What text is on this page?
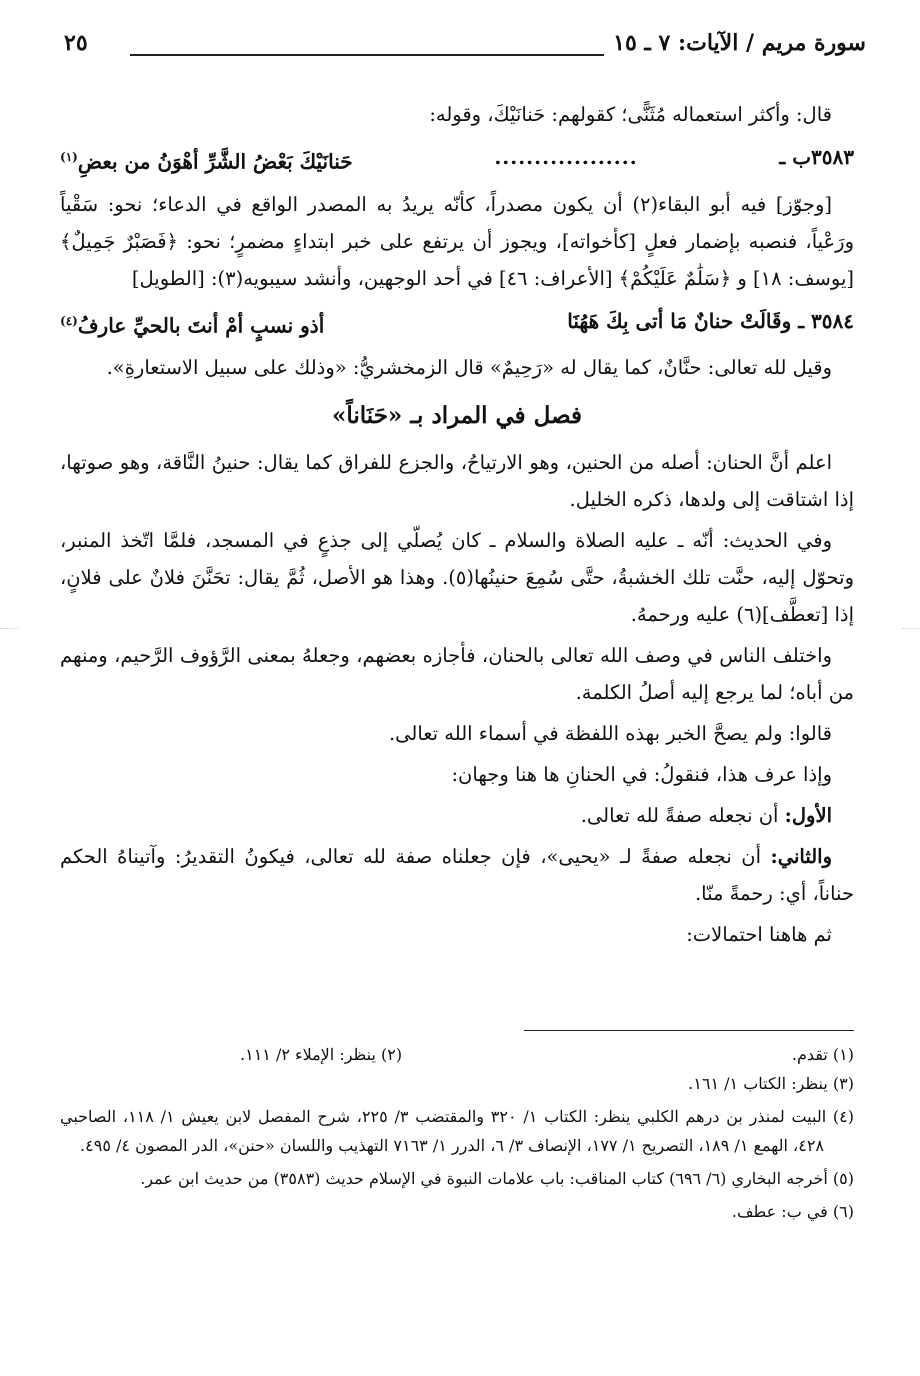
سورة مريم / الآيات: ٧ ـ ١٥
٢٥

قال: وأكثر استعماله مُثَنًّى؛ كقولهم: حَنانَيْكَ، وقوله:

٣٥٨٣ب ـ
..................
حَنانَيْكَ بَعْضُ الشَّرِّ أهْوَنُ من بعضِ$^{(١)}$

[وجوّز] فيه أبو البقاء(٢) أن يكون مصدراً، كأنّه يريدُ به المصدر الواقع في الدعاء؛ نحو: سَقْياً ورَعْياً، فنصبه بإضمار فعلٍ [كأخواته]، ويجوز أن يرتفع على خبر ابتداءٍ مضمرٍ؛ نحو: ﴿فَصَبْرٌ جَمِيلٌ﴾ [يوسف: ١٨] و ﴿سَلَٰمٌ عَلَيْكُمْ﴾ [الأعراف: ٤٦] في أحد الوجهين، وأنشد سيبويه(٣): [الطويل]

٣٥٨٤ ـ وقَالَتْ حنانٌ مَا أتى بِكَ هَهُنَا
أذو نسبٍ أمْ أنتَ بالحيِّ عارفُ$^{(٤)}$

وقيل لله تعالى: حنَّانٌ، كما يقال له «رَحِيمٌ» قال الزمخشريُّ: «وذلك على سبيل الاستعارةِ».

فصل في المراد بـ «حَنَاناً»

اعلم أنَّ الحنان: أصله من الحنين، وهو الارتياحُ، والجزع للفراق كما يقال: حنينُ النَّاقة، وهو صوتها، إذا اشتاقت إلى ولدها، ذكره الخليل.

وفي الحديث: أنّه ـ عليه الصلاة والسلام ـ كان يُصلّي إلى جذعٍ في المسجد، فلمَّا اتّخذ المنبر، وتحوّل إليه، حنَّت تلك الخشبةُ، حتَّى سُمِعَ حنينُها(٥). وهذا هو الأصل، ثُمَّ يقال: تحَنَّنَ فلانٌ على فلانٍ، إذا [تعطَّف](٦) عليه ورحمهُ.

واختلف الناس في وصف الله تعالى بالحنان، فأجازه بعضهم، وجعلهُ بمعنى الرَّؤوف الرَّحيم، ومنهم من أباه؛ لما يرجع إليه أصلُ الكلمة.

قالوا: ولم يصحَّ الخبر بهذه اللفظة في أسماء الله تعالى.

وإذا عرف هذا، فنقولُ: في الحنانِ ها هنا وجهان:

الأول: أن نجعله صفةً لله تعالى.

والثاني: أن نجعله صفةً لـ «يحيى»، فإن جعلناه صفة لله تعالى، فيكونُ التقديرُ: وآتيناهُ الحكم حناناً، أي: رحمةً منّا.

ثم هاهنا احتمالات:

(١) تقدم.
(٢) ينظر: الإملاء ٢/ ١١١.

(٣) ينظر: الكتاب ١/ ١٦١.

(٤) البيت لمنذر بن درهم الكلبي ينظر: الكتاب ١/ ٣٢٠ والمقتضب ٣/ ٢٢٥، شرح المفصل لابن يعيش ١/ ١١٨، الصاحبي ٤٢٨، الهمع ١/ ١٨٩، التصريح ١/ ١٧٧، الإنصاف ٣/ ٦، الدرر ١/ ٧١٦٣ التهذيب واللسان «حنن»، الدر المصون ٤/ ٤٩٥.

(٥) أخرجه البخاري (٦/ ٦٩٦) كتاب المناقب: باب علامات النبوة في الإسلام حديث (٣٥٨٣) من حديث ابن عمر.

(٦) في ب: عطف.
